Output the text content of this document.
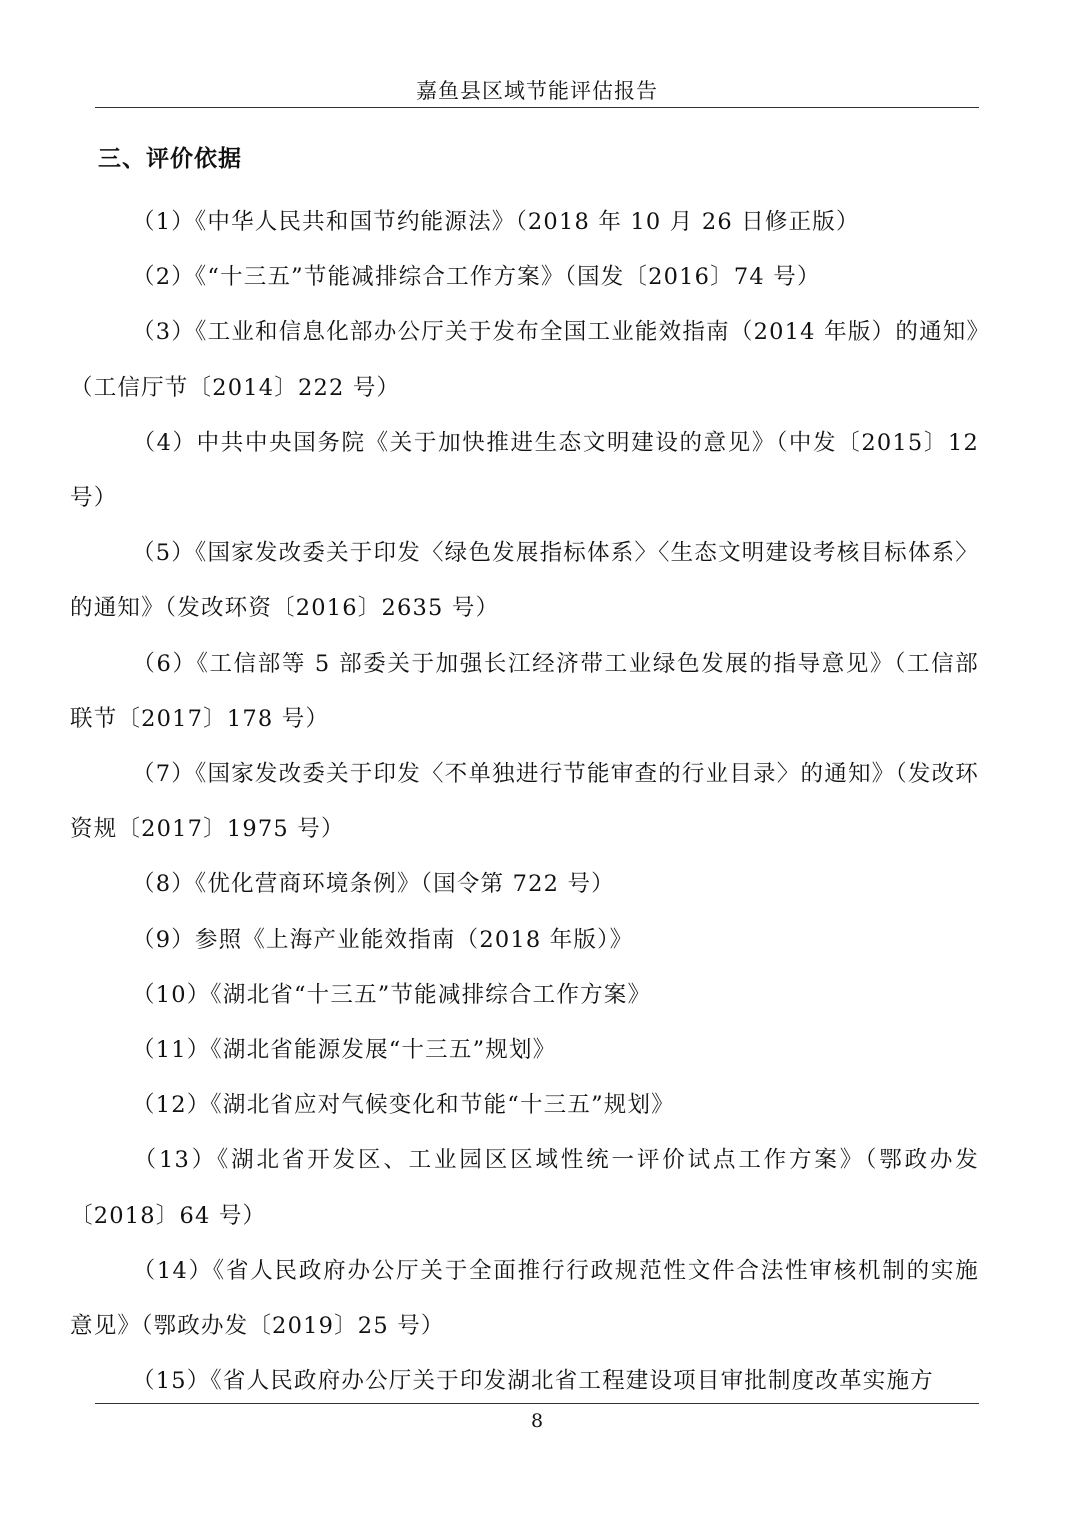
嘉鱼县区域节能评估报告
三、评价依据

（1）《中华人民共和国节约能源法》（2018 年 10 月 26 日修正版）

（2）《“十三五”节能减排综合工作方案》（国发〔2016〕74 号）

（3）《工业和信息化部办公厅关于发布全国工业能效指南（2014 年版）的通知》（工信厅节〔2014〕222 号）

（4）中共中央国务院《关于加快推进生态文明建设的意见》（中发〔2015〕12 号）

（5）《国家发改委关于印发〈绿色发展指标体系〉〈生态文明建设考核目标体系〉的通知》（发改环资〔2016〕2635 号）

（6）《工信部等 5 部委关于加强长江经济带工业绿色发展的指导意见》（工信部联节〔2017〕178 号）

（7）《国家发改委关于印发〈不单独进行节能审查的行业目录〉的通知》（发改环资规〔2017〕1975 号）

（8）《优化营商环境条例》（国令第 722 号）

（9）参照《上海产业能效指南（2018 年版）》

（10）《湖北省“十三五”节能减排综合工作方案》

（11）《湖北省能源发展“十三五”规划》

（12）《湖北省应对气候变化和节能“十三五”规划》

（13）《湖北省开发区、工业园区区域性统一评价试点工作方案》（鄂政办发〔2018〕64 号）

（14）《省人民政府办公厅关于全面推行行政规范性文件合法性审核机制的实施意见》（鄂政办发〔2019〕25 号）

（15）《省人民政府办公厅关于印发湖北省工程建设项目审批制度改革实施方

8
